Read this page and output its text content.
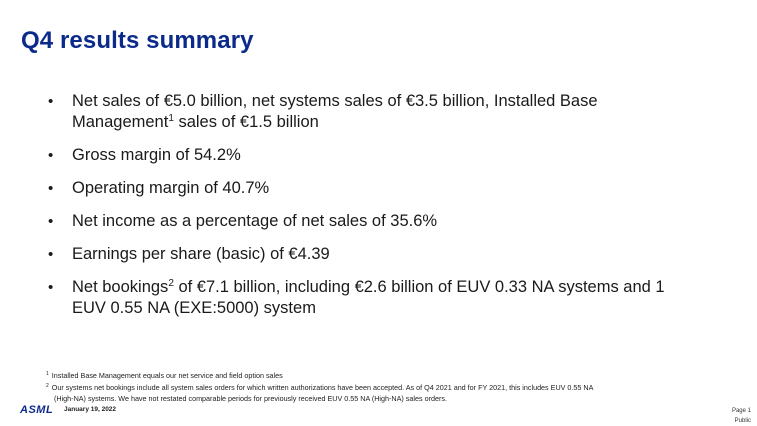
Q4 results summary
• Net sales of €5.0 billion, net systems sales of €3.5 billion, Installed Base Management$^1$ sales of €1.5 billion
• Gross margin of 54.2%
• Operating margin of 40.7%
• Net income as a percentage of net sales of 35.6%
• Earnings per share (basic) of €4.39
• Net bookings$^2$ of €7.1 billion, including €2.6 billion of EUV 0.33 NA systems and 1 EUV 0.55 NA (EXE:5000) system
$^1$ Installed Base Management equals our net service and field option sales
$^2$ Our systems net bookings include all system sales orders for which written authorizations have been accepted. As of Q4 2021 and for FY 2021, this includes EUV 0.55 NA
(High-NA) systems. We have not restated comparable periods for previously received EUV 0.55 NA (High-NA) sales orders.
ASML January 19, 2022	Page 1
Public
